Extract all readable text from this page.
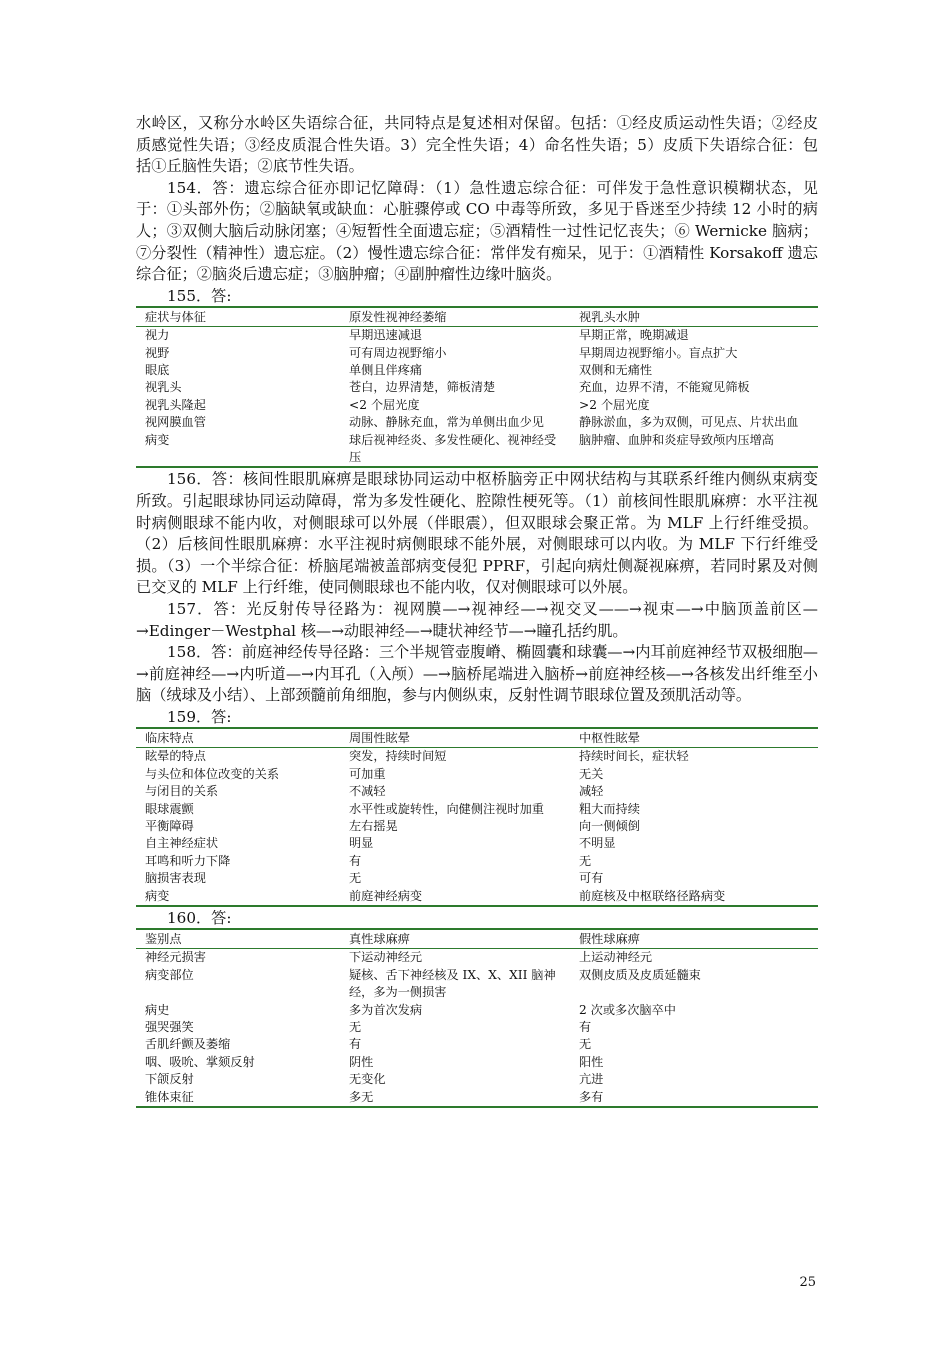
水岭区，又称分水岭区失语综合征，共同特点是复述相对保留。包括：①经皮质运动性失语；②经皮质感觉性失语；③经皮质混合性失语。3）完全性失语；4）命名性失语；5）皮质下失语综合征：包括①丘脑性失语；②底节性失语。

154．答：遗忘综合征亦即记忆障碍：（1）急性遗忘综合征：可伴发于急性意识模糊状态，见于：①头部外伤；②脑缺氧或缺血：心脏骤停或 CO 中毒等所致，多见于昏迷至少持续 12 小时的病人；③双侧大脑后动脉闭塞；④短暂性全面遗忘症；⑤酒精性一过性记忆丧失；⑥ Wernicke 脑病；⑦分裂性（精神性）遗忘症。（2）慢性遗忘综合征：常伴发有痴呆，见于：①酒精性 Korsakoff 遗忘综合征；②脑炎后遗忘症；③脑肿瘤；④副肿瘤性边缘叶脑炎。

155．答:

症状与体征	原发性视神经萎缩	视乳头水肿
视力	早期迅速减退	早期正常，晚期减退
视野	可有周边视野缩小	早期周边视野缩小。盲点扩大
眼底	单侧且伴疼痛	双侧和无痛性
视乳头	苍白，边界清楚，筛板清楚	充血，边界不清，不能窥见筛板
视乳头隆起	<2 个屈光度	>2 个屈光度
视网膜血管	动脉、静脉充血，常为单侧出血少见	静脉淤血，多为双侧，可见点、片状出血
病变	球后视神经炎、多发性硬化、视神经受压	脑肿瘤、血肿和炎症导致颅内压增高

156．答：核间性眼肌麻痹是眼球协同运动中枢桥脑旁正中网状结构与其联系纤维内侧纵束病变所致。引起眼球协同运动障碍，常为多发性硬化、腔隙性梗死等。（1）前核间性眼肌麻痹：水平注视时病侧眼球不能内收，对侧眼球可以外展（伴眼震），但双眼球会聚正常。为 MLF 上行纤维受损。（2）后核间性眼肌麻痹：水平注视时病侧眼球不能外展，对侧眼球可以内收。为 MLF 下行纤维受损。（3）一个半综合征：桥脑尾端被盖部病变侵犯 PPRF，引起向病灶侧凝视麻痹，若同时累及对侧已交叉的 MLF 上行纤维，使同侧眼球也不能内收，仅对侧眼球可以外展。

157．答：光反射传导径路为：视网膜—→视神经—→视交叉——→视束—→中脑顶盖前区—→Edinger－Westphal 核—→动眼神经—→睫状神经节—→瞳孔括约肌。

158．答：前庭神经传导径路：三个半规管壶腹嵴、椭圆囊和球囊—→内耳前庭神经节双极细胞—→前庭神经—→内听道—→内耳孔（入颅）—→脑桥尾端进入脑桥→前庭神经核—→各核发出纤维至小脑（绒球及小结）、上部颈髓前角细胞，参与内侧纵束，反射性调节眼球位置及颈肌活动等。

159．答:

临床特点	周围性眩晕	中枢性眩晕
眩晕的特点	突发，持续时间短	持续时间长，症状轻
与头位和体位改变的关系	可加重	无关
与闭目的关系	不减轻	减轻
眼球震颤	水平性或旋转性，向健侧注视时加重	粗大而持续
平衡障碍	左右摇晃	向一侧倾倒
自主神经症状	明显	不明显
耳鸣和听力下降	有	无
脑损害表现	无	可有
病变	前庭神经病变	前庭核及中枢联络径路病变

160．答:

鉴别点	真性球麻痹	假性球麻痹
神经元损害	下运动神经元	上运动神经元
病变部位	疑核、舌下神经核及 IX、X、XII 脑神经，多为一侧损害	双侧皮质及皮质延髓束
病史	多为首次发病	2 次或多次脑卒中
强哭强笑	无	有
舌肌纤颤及萎缩	有	无
咽、吸吮、掌颏反射	阴性	阳性
下颌反射	无变化	亢进
锥体束征	多无	多有
25
